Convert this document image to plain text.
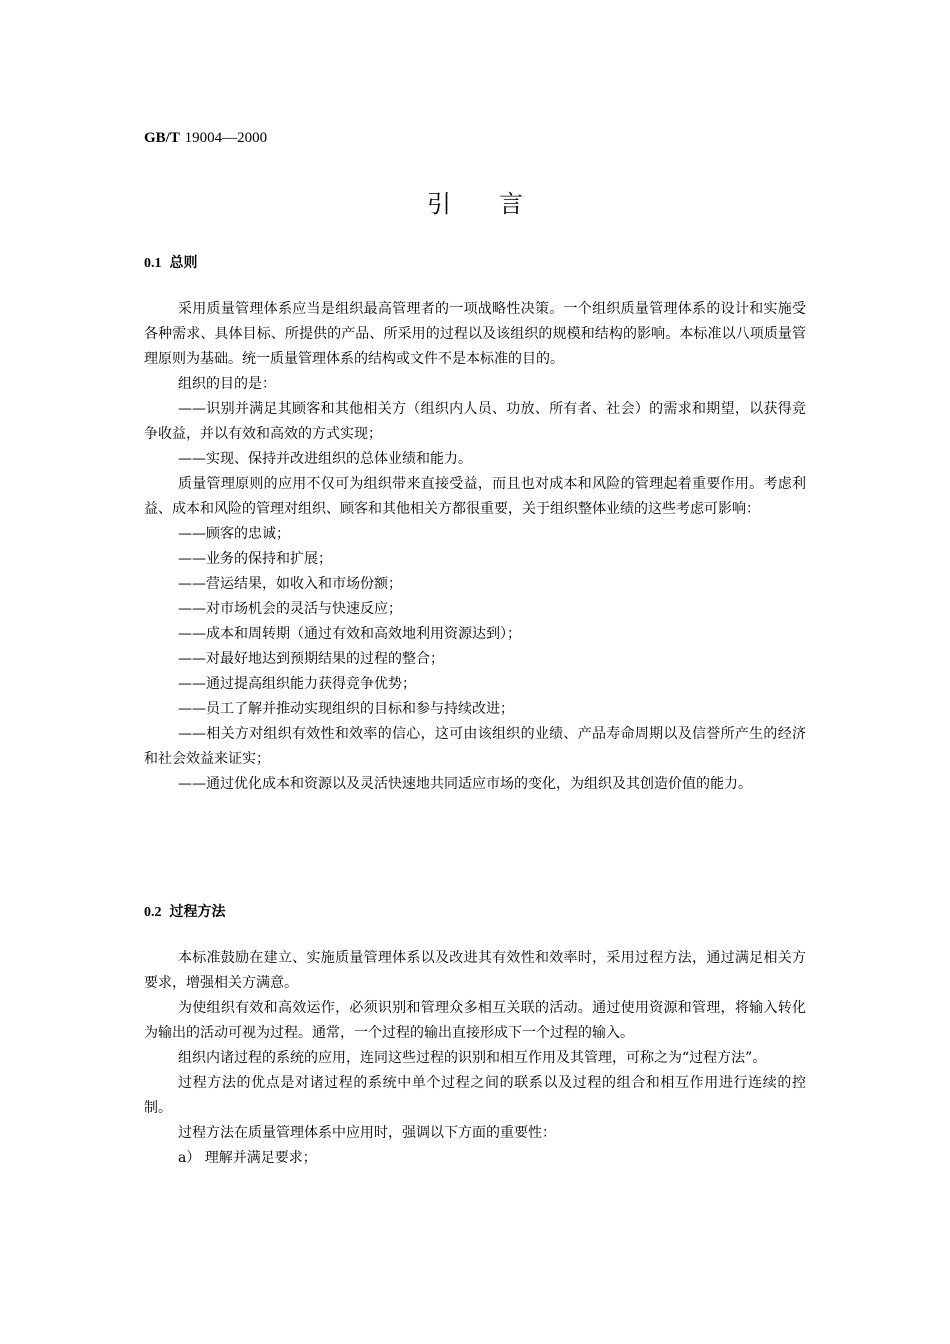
GB/T 19004—2000
引言
0.1 总则

采用质量管理体系应当是组织最高管理者的一项战略性决策。一个组织质量管理体系的设计和实施受各种需求、具体目标、所提供的产品、所采用的过程以及该组织的规模和结构的影响。本标准以八项质量管理原则为基础。统一质量管理体系的结构或文件不是本标准的目的。

组织的目的是：

——识别并满足其顾客和其他相关方（组织内人员、功放、所有者、社会）的需求和期望，以获得竞争收益，并以有效和高效的方式实现；

——实现、保持并改进组织的总体业绩和能力。

质量管理原则的应用不仅可为组织带来直接受益，而且也对成本和风险的管理起着重要作用。考虑利益、成本和风险的管理对组织、顾客和其他相关方都很重要，关于组织整体业绩的这些考虑可影响：

——顾客的忠诚；

——业务的保持和扩展；

——营运结果，如收入和市场份额；

——对市场机会的灵活与快速反应；

——成本和周转期（通过有效和高效地利用资源达到）；

——对最好地达到预期结果的过程的整合；

——通过提高组织能力获得竞争优势；

——员工了解并推动实现组织的目标和参与持续改进；

——相关方对组织有效性和效率的信心，这可由该组织的业绩、产品寿命周期以及信誉所产生的经济和社会效益来证实；

——通过优化成本和资源以及灵活快速地共同适应市场的变化，为组织及其创造价值的能力。

0.2 过程方法

本标准鼓励在建立、实施质量管理体系以及改进其有效性和效率时，采用过程方法，通过满足相关方要求，增强相关方满意。

为使组织有效和高效运作，必须识别和管理众多相互关联的活动。通过使用资源和管理，将输入转化为输出的活动可视为过程。通常，一个过程的输出直接形成下一个过程的输入。

组织内诸过程的系统的应用，连同这些过程的识别和相互作用及其管理，可称之为“过程方法”。

过程方法的优点是对诸过程的系统中单个过程之间的联系以及过程的组合和相互作用进行连续的控制。

过程方法在质量管理体系中应用时，强调以下方面的重要性：

a） 理解并满足要求；
